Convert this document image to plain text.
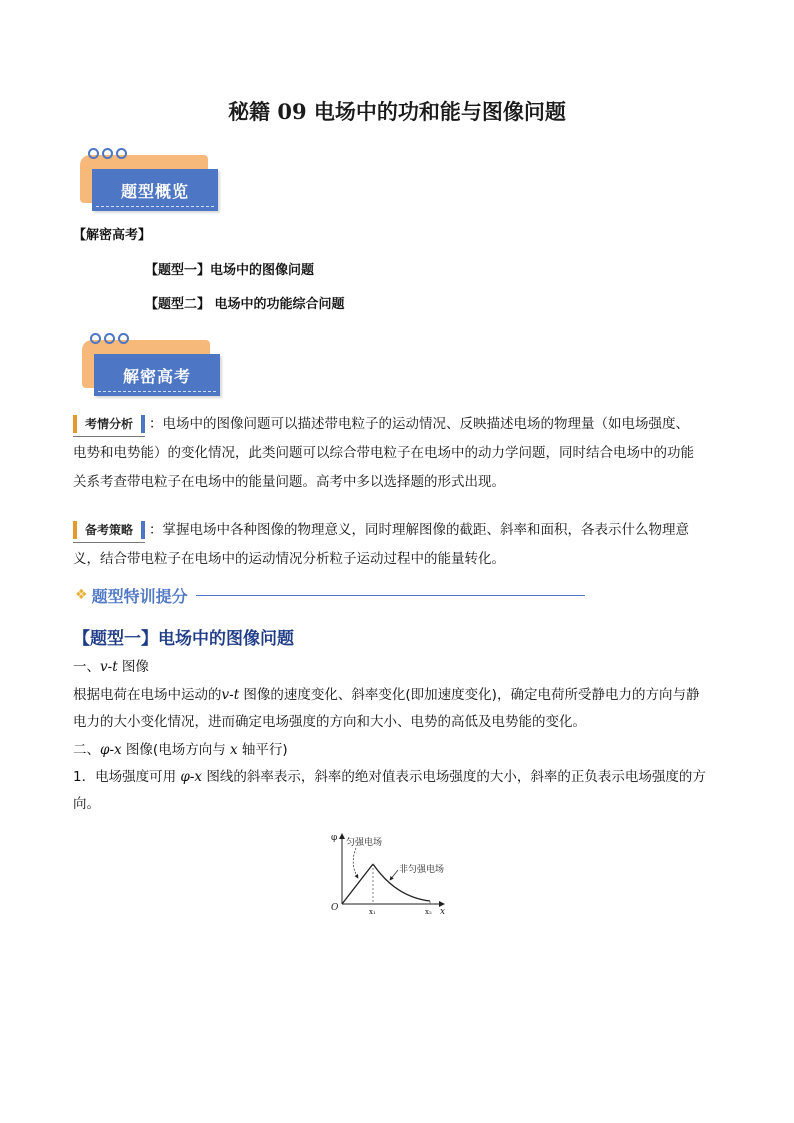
秘籍 09 电场中的功和能与图像问题
题型概览
【解密高考】
【题型一】电场中的图像问题
【题型二】 电场中的功能综合问题
解密高考
考情分析 ：电场中的图像问题可以描述带电粒子的运动情况、反映描述电场的物理量（如电场强度、
电势和电势能）的变化情况，此类问题可以综合带电粒子在电场中的动力学问题，同时结合电场中的功能
关系考查带电粒子在电场中的能量问题。高考中多以选择题的形式出现。
备考策略 ：掌握电场中各种图像的物理意义，同时理解图像的截距、斜率和面积，各表示什么物理意
义，结合带电粒子在电场中的运动情况分析粒子运动过程中的能量转化。
❖ 题型特训提分
【题型一】电场中的图像问题
一、v-t 图像
根据电荷在电场中运动的v-t 图像的速度变化、斜率变化(即加速度变化)，确定电荷所受静电力的方向与静
电力的大小变化情况，进而确定电场强度的方向和大小、电势的高低及电势能的变化。
二、φ-x 图像(电场方向与 x 轴平行)
1．电场强度可用 φ-x 图线的斜率表示，斜率的绝对值表示电场强度的大小，斜率的正负表示电场强度的方
向。
φ
x
O	x₁	x₂
匀强电场
非匀强电场
